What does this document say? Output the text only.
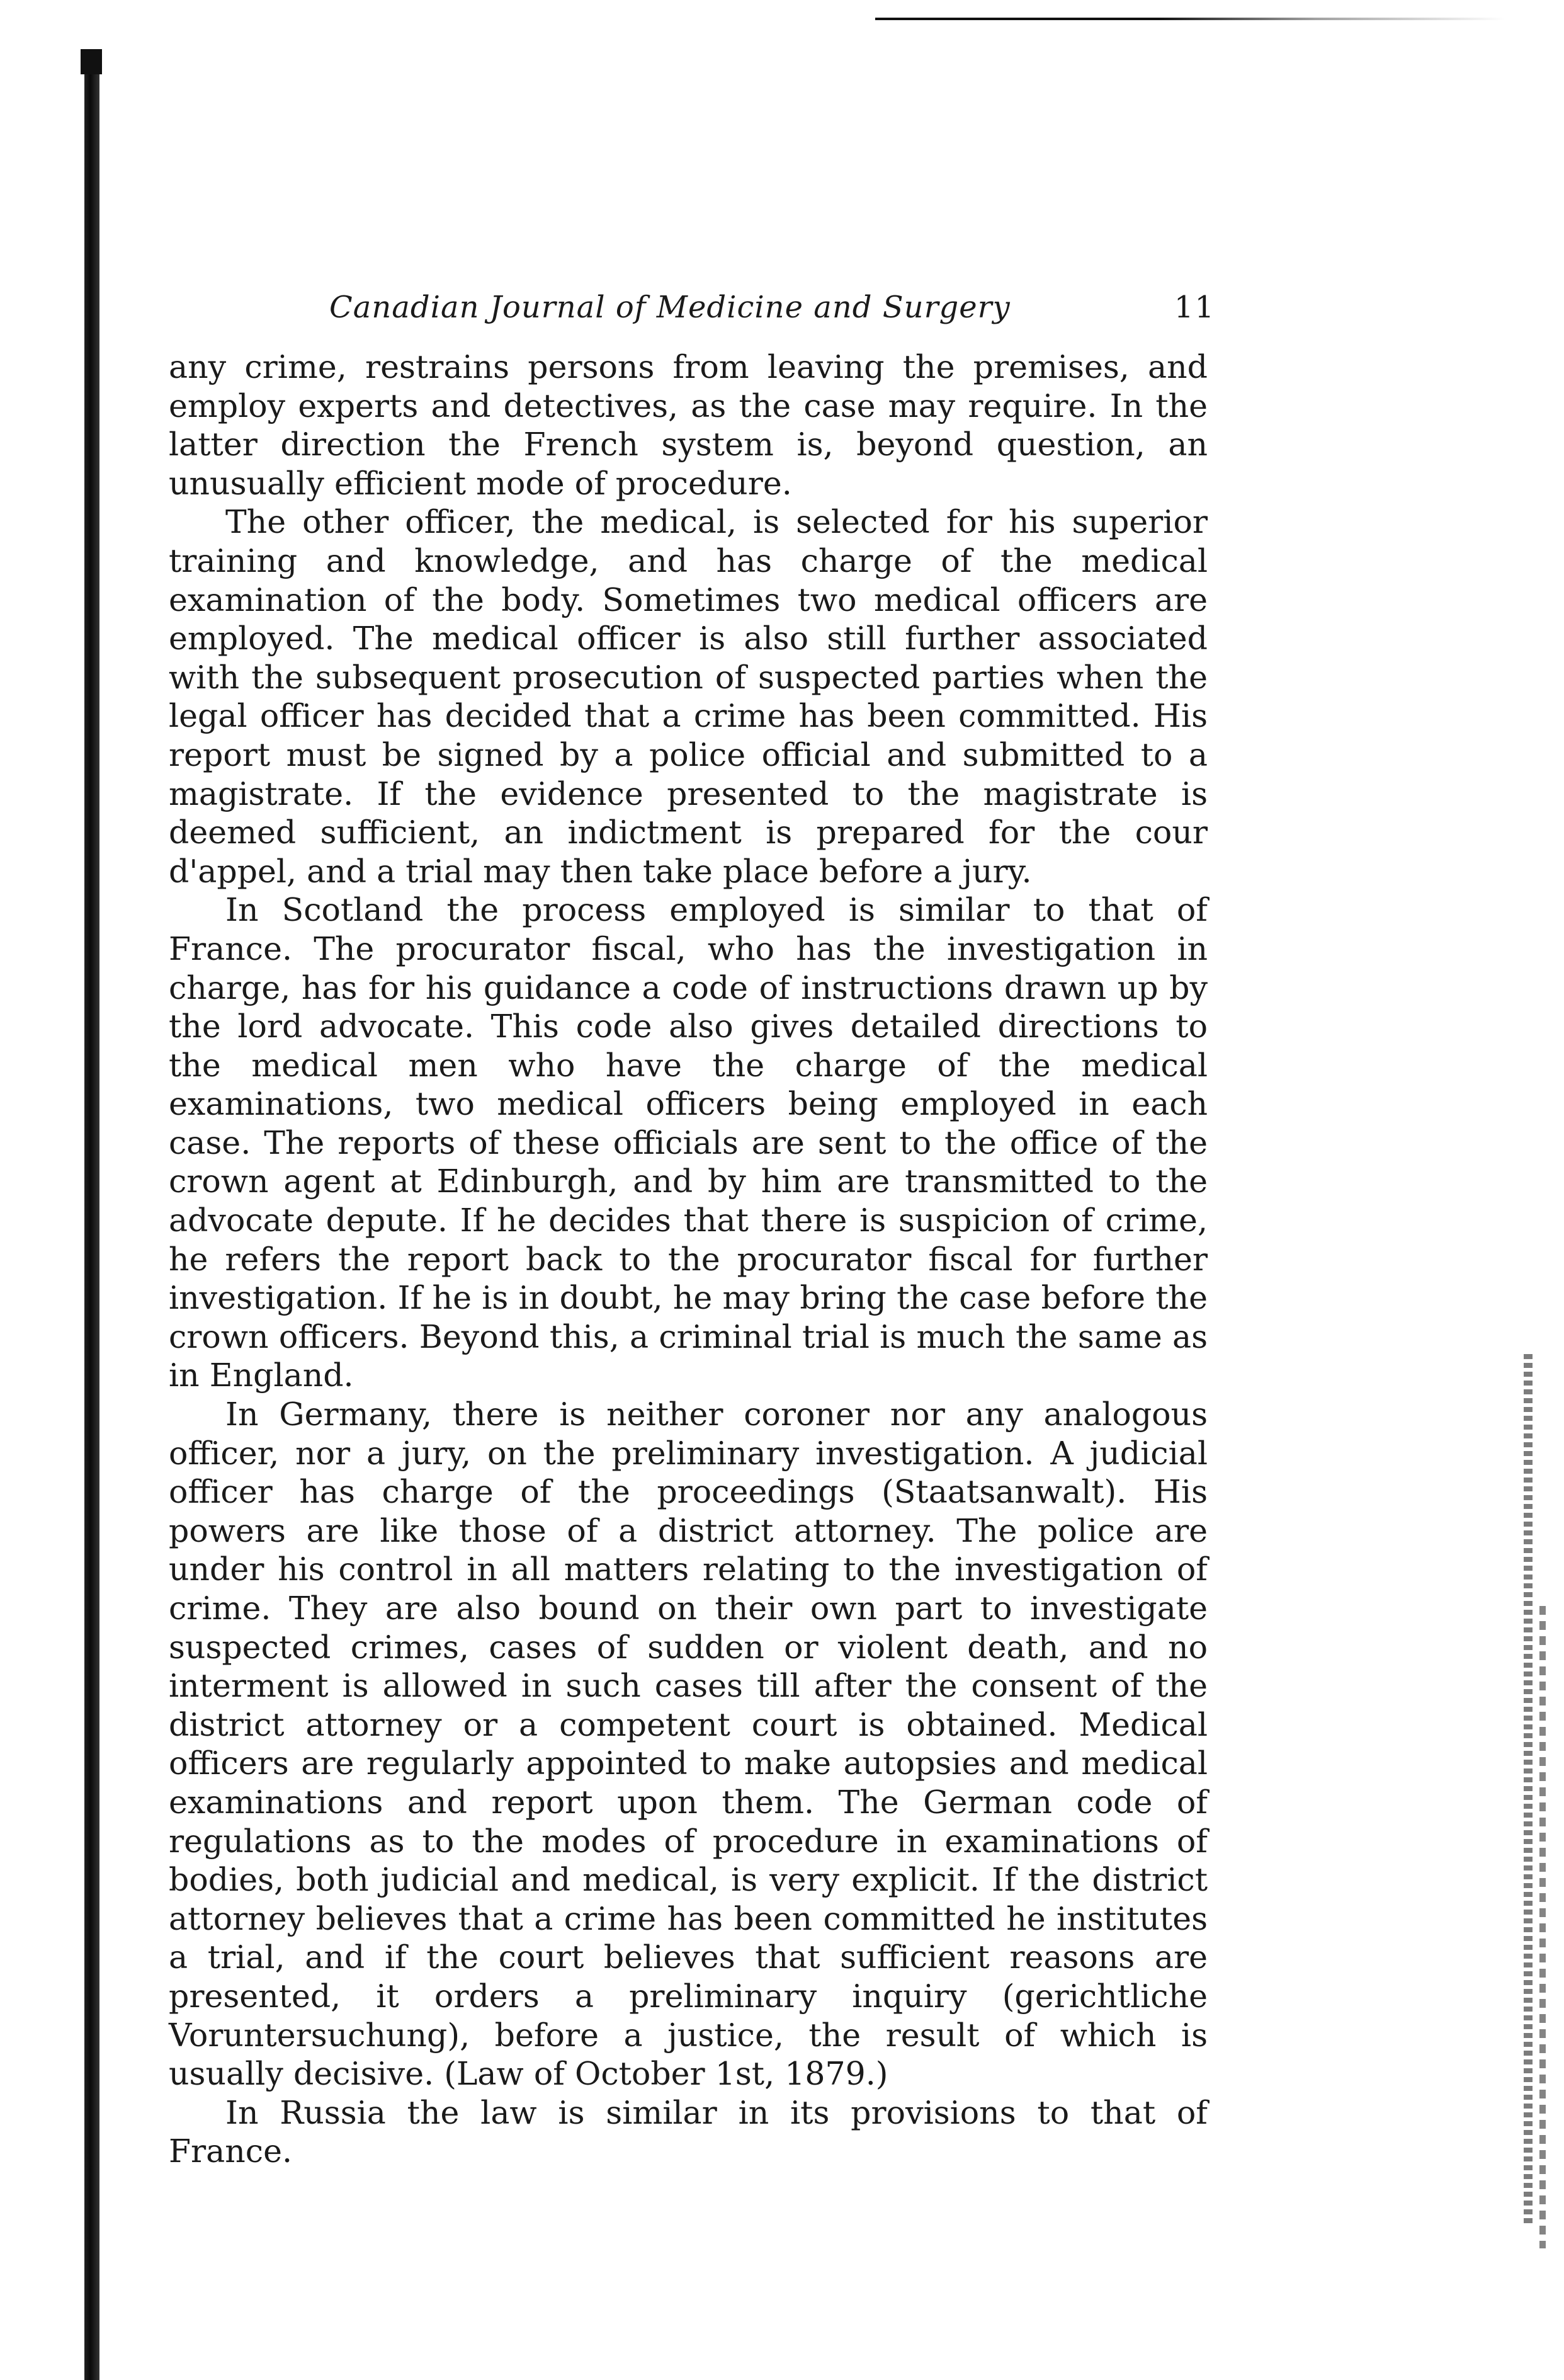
Canadian Journal of Medicine and Surgery	11

any crime, restrains persons from leaving the premises, and employ experts and detectives, as the case may require. In the latter direction the French system is, beyond question, an unusually efficient mode of procedure.

The other officer, the medical, is selected for his superior training and knowledge, and has charge of the medical examination of the body. Sometimes two medical officers are employed. The medical officer is also still further associated with the subsequent prosecution of suspected parties when the legal officer has decided that a crime has been committed. His report must be signed by a police official and submitted to a magistrate. If the evidence presented to the magistrate is deemed sufficient, an indictment is prepared for the cour d'appel, and a trial may then take place before a jury.

In Scotland the process employed is similar to that of France. The procurator fiscal, who has the investigation in charge, has for his guidance a code of instructions drawn up by the lord advocate. This code also gives detailed directions to the medical men who have the charge of the medical examinations, two medical officers being employed in each case. The reports of these officials are sent to the office of the crown agent at Edinburgh, and by him are transmitted to the advocate depute. If he decides that there is suspicion of crime, he refers the report back to the procurator fiscal for further investigation. If he is in doubt, he may bring the case before the crown officers. Beyond this, a criminal trial is much the same as in England.

In Germany, there is neither coroner nor any analogous officer, nor a jury, on the preliminary investigation. A judicial officer has charge of the proceedings (Staatsanwalt). His powers are like those of a district attorney. The police are under his control in all matters relating to the investigation of crime. They are also bound on their own part to investigate suspected crimes, cases of sudden or violent death, and no interment is allowed in such cases till after the consent of the district attorney or a competent court is obtained. Medical officers are regularly appointed to make autopsies and medical examinations and report upon them. The German code of regulations as to the modes of procedure in examinations of bodies, both judicial and medical, is very explicit. If the district attorney believes that a crime has been committed he institutes a trial, and if the court believes that sufficient reasons are presented, it orders a preliminary inquiry (gerichtliche Voruntersuchung), before a justice, the result of which is usually decisive. (Law of October 1st, 1879.)

In Russia the law is similar in its provisions to that of France.
